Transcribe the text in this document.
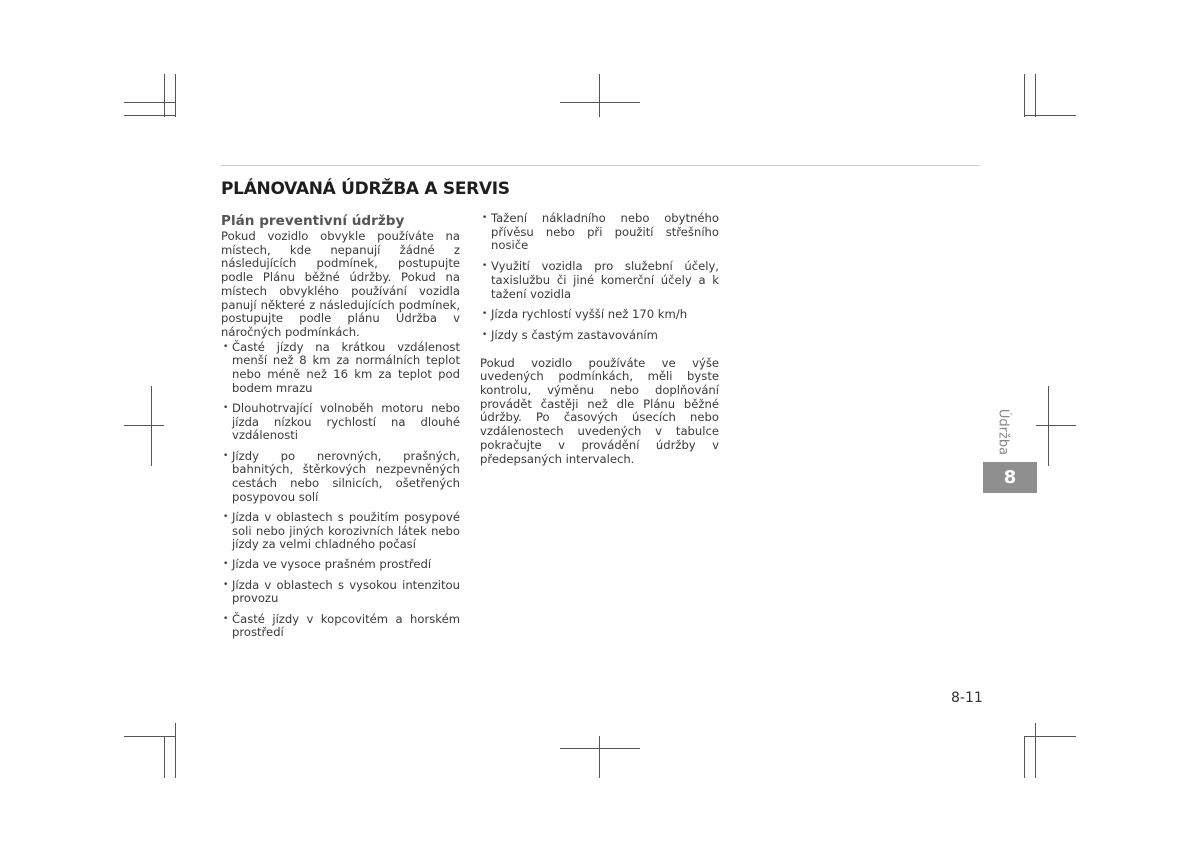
PLÁNOVANÁ ÚDRŽBA A SERVIS
Plán preventivní údržby

Pokud vozidlo obvykle používáte na místech, kde nepanují žádné z následujících podmínek, postupujte podle Plánu běžné údržby. Pokud na místech obvyklého používání vozidla panují některé z následujících podmínek, postupujte podle plánu Údržba v náročných podmínkách.

• Časté jízdy na krátkou vzdálenost menší než 8 km za normálních teplot nebo méně než 16 km za teplot pod bodem mrazu
• Dlouhotrvající volnoběh motoru nebo jízda nízkou rychlostí na dlouhé vzdálenosti
• Jízdy po nerovných, prašných, bahnitých, štěrkových nezpevněných cestách nebo silnicích, ošetřených posypovou solí
• Jízda v oblastech s použitím posypové soli nebo jiných korozivních látek nebo jízdy za velmi chladného počasí
• Jízda ve vysoce prašném prostředí
• Jízda v oblastech s vysokou intenzitou provozu
• Časté jízdy v kopcovitém a horském prostředí
• Tažení nákladního nebo obytného přívěsu nebo při použití střešního nosiče
• Využití vozidla pro služební účely, taxislužbu či jiné komerční účely a k tažení vozidla
• Jízda rychlostí vyšší než 170 km/h
• Jízdy s častým zastavováním

Pokud vozidlo používáte ve výše uvedených podmínkách, měli byste kontrolu, výměnu nebo doplňování provádět častěji než dle Plánu běžné údržby. Po časových úsecích nebo vzdálenostech uvedených v tabulce pokračujte v provádění údržby v předepsaných intervalech.

Údržba
8
8-11
